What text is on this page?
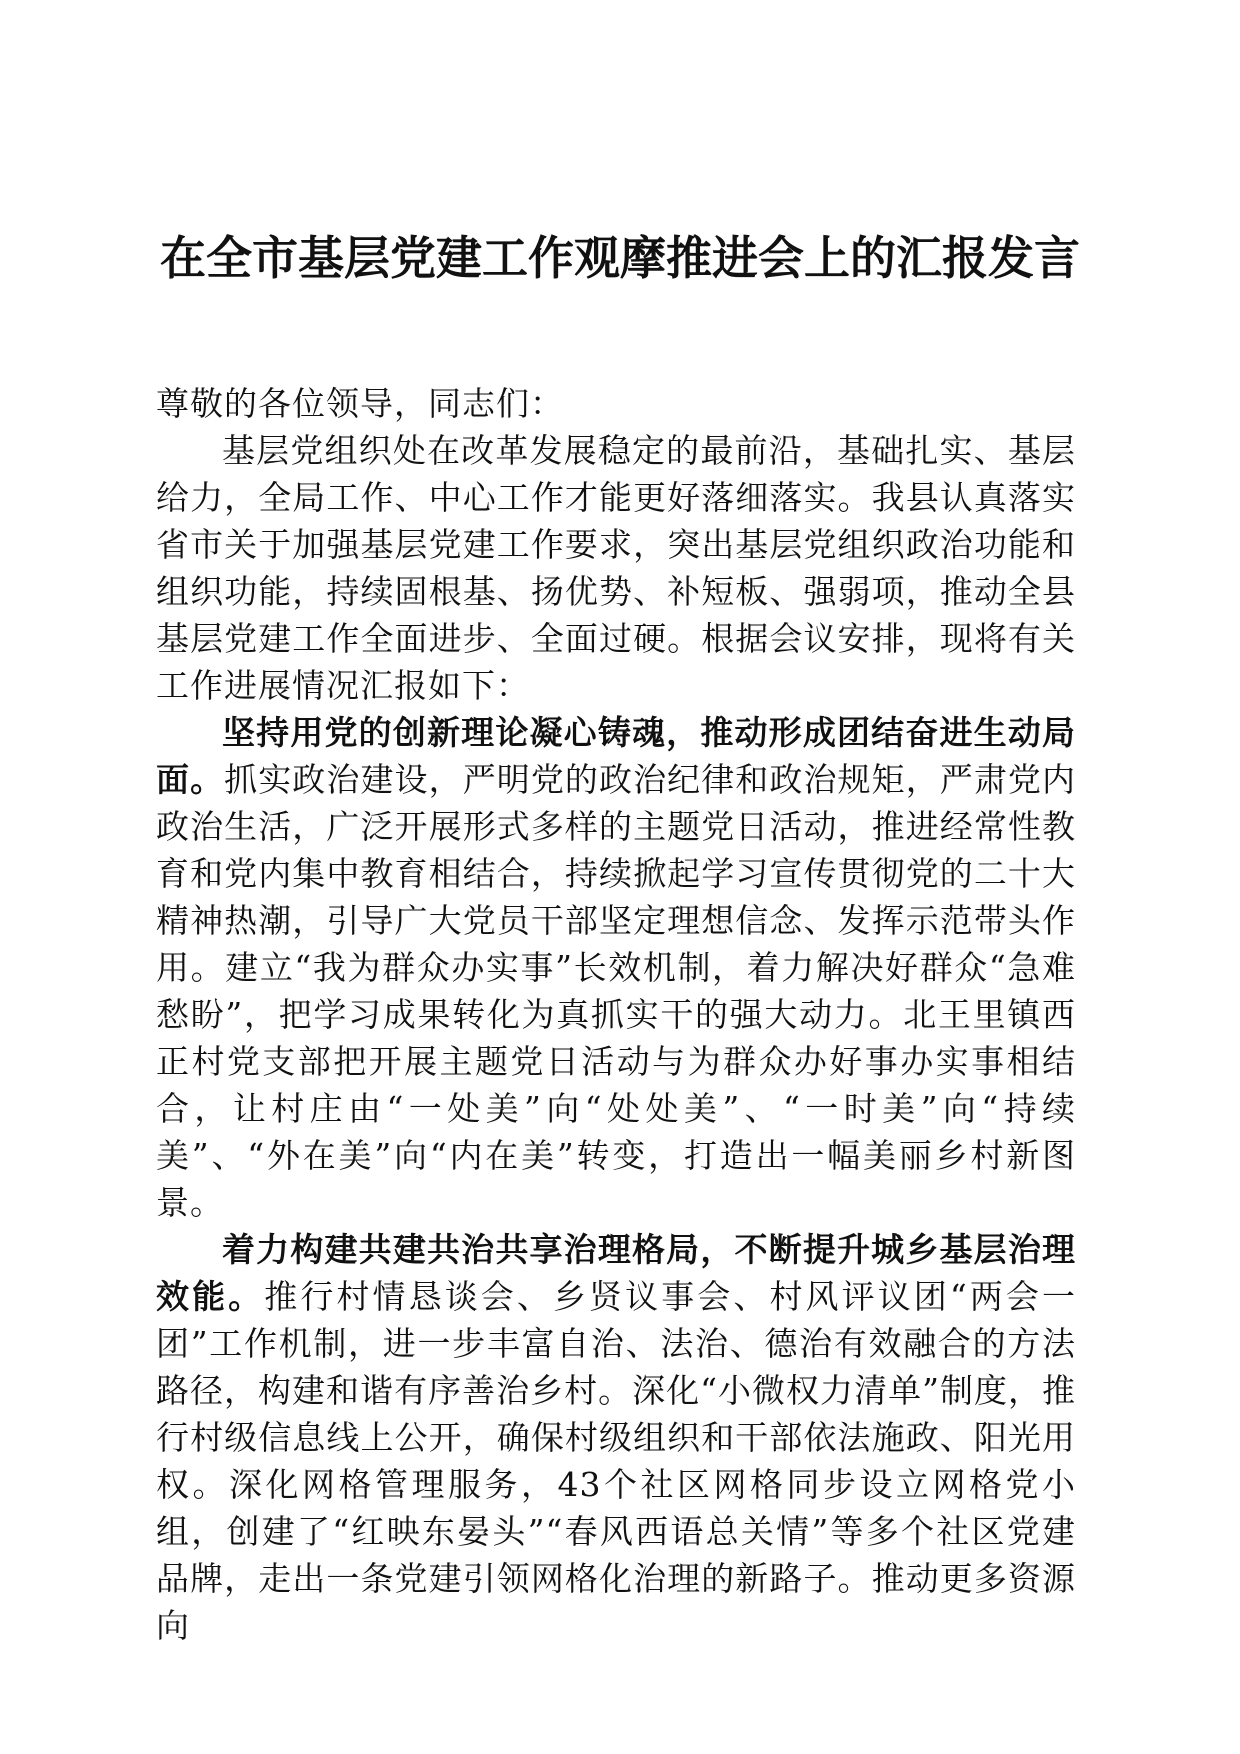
在全市基层党建工作观摩推进会上的汇报发言

尊敬的各位领导，同志们：

基层党组织处在改革发展稳定的最前沿，基础扎实、基层给力，全局工作、中心工作才能更好落细落实。我县认真落实省市关于加强基层党建工作要求，突出基层党组织政治功能和组织功能，持续固根基、扬优势、补短板、强弱项，推动全县基层党建工作全面进步、全面过硬。根据会议安排，现将有关工作进展情况汇报如下：

坚持用党的创新理论凝心铸魂，推动形成团结奋进生动局面。抓实政治建设，严明党的政治纪律和政治规矩，严肃党内政治生活，广泛开展形式多样的主题党日活动，推进经常性教育和党内集中教育相结合，持续掀起学习宣传贯彻党的二十大精神热潮，引导广大党员干部坚定理想信念、发挥示范带头作用。建立“我为群众办实事”长效机制，着力解决好群众“急难愁盼”，把学习成果转化为真抓实干的强大动力。北王里镇西正村党支部把开展主题党日活动与为群众办好事办实事相结合，让村庄由“一处美”向“处处美”、“一时美”向“持续美”、“外在美”向“内在美”转变，打造出一幅美丽乡村新图景。

着力构建共建共治共享治理格局，不断提升城乡基层治理效能。推行村情恳谈会、乡贤议事会、村风评议团“两会一团”工作机制，进一步丰富自治、法治、德治有效融合的方法路径，构建和谐有序善治乡村。深化“小微权力清单”制度，推行村级信息线上公开，确保村级组织和干部依法施政、阳光用权。深化网格管理服务，43个社区网格同步设立网格党小组，创建了“红映东晏头”“春风西语总关情”等多个社区党建品牌，走出一条党建引领网格化治理的新路子。推动更多资源向
